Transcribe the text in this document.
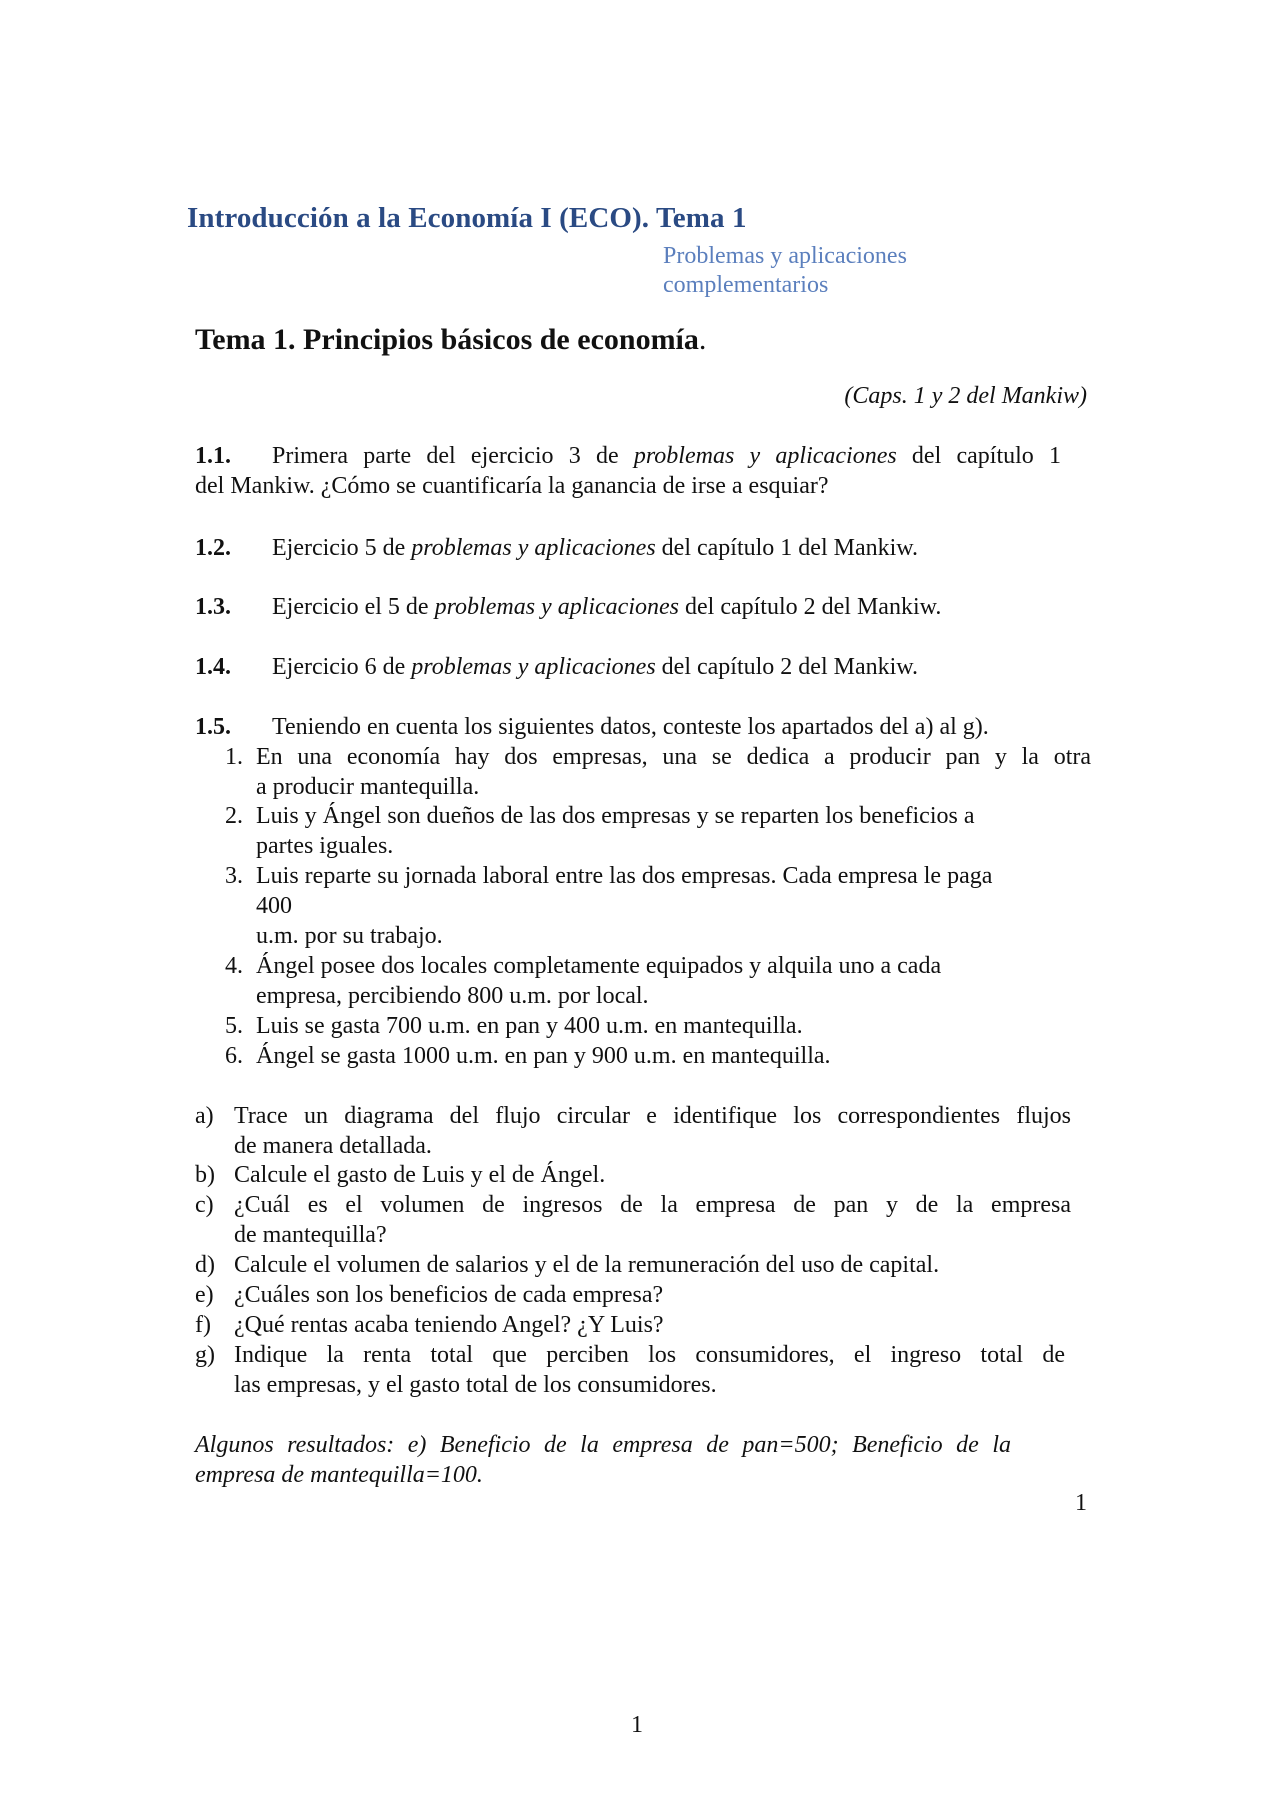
Introducción a la Economía I (ECO). Tema 1
Problemas y aplicaciones
complementarios
Tema 1. Principios básicos de economía.
(Caps. 1 y 2 del Mankiw)
1.1. Primera parte del ejercicio 3 de problemas y aplicaciones del capítulo 1
del Mankiw. ¿Cómo se cuantificaría la ganancia de irse a esquiar?
1.2. Ejercicio 5 de problemas y aplicaciones del capítulo 1 del Mankiw.
1.3. Ejercicio el 5 de problemas y aplicaciones del capítulo 2 del Mankiw.
1.4. Ejercicio 6 de problemas y aplicaciones del capítulo 2 del Mankiw.
1.5. Teniendo en cuenta los siguientes datos, conteste los apartados del a) al g).
1. En una economía hay dos empresas, una se dedica a producir pan y la otra
a producir mantequilla.
2. Luis y Ángel son dueños de las dos empresas y se reparten los beneficios a
partes iguales.
3. Luis reparte su jornada laboral entre las dos empresas. Cada empresa le paga
400
u.m. por su trabajo.
4. Ángel posee dos locales completamente equipados y alquila uno a cada
empresa, percibiendo 800 u.m. por local.
5. Luis se gasta 700 u.m. en pan y 400 u.m. en mantequilla.
6. Ángel se gasta 1000 u.m. en pan y 900 u.m. en mantequilla.
a) Trace un diagrama del flujo circular e identifique los correspondientes flujos
de manera detallada.
b) Calcule el gasto de Luis y el de Ángel.
c) ¿Cuál es el volumen de ingresos de la empresa de pan y de la empresa
de mantequilla?
d) Calcule el volumen de salarios y el de la remuneración del uso de capital.
e) ¿Cuáles son los beneficios de cada empresa?
f) ¿Qué rentas acaba teniendo Angel? ¿Y Luis?
g) Indique la renta total que perciben los consumidores, el ingreso total de
las empresas, y el gasto total de los consumidores.
Algunos resultados: e) Beneficio de la empresa de pan=500; Beneficio de la
empresa de mantequilla=100.
1
1
